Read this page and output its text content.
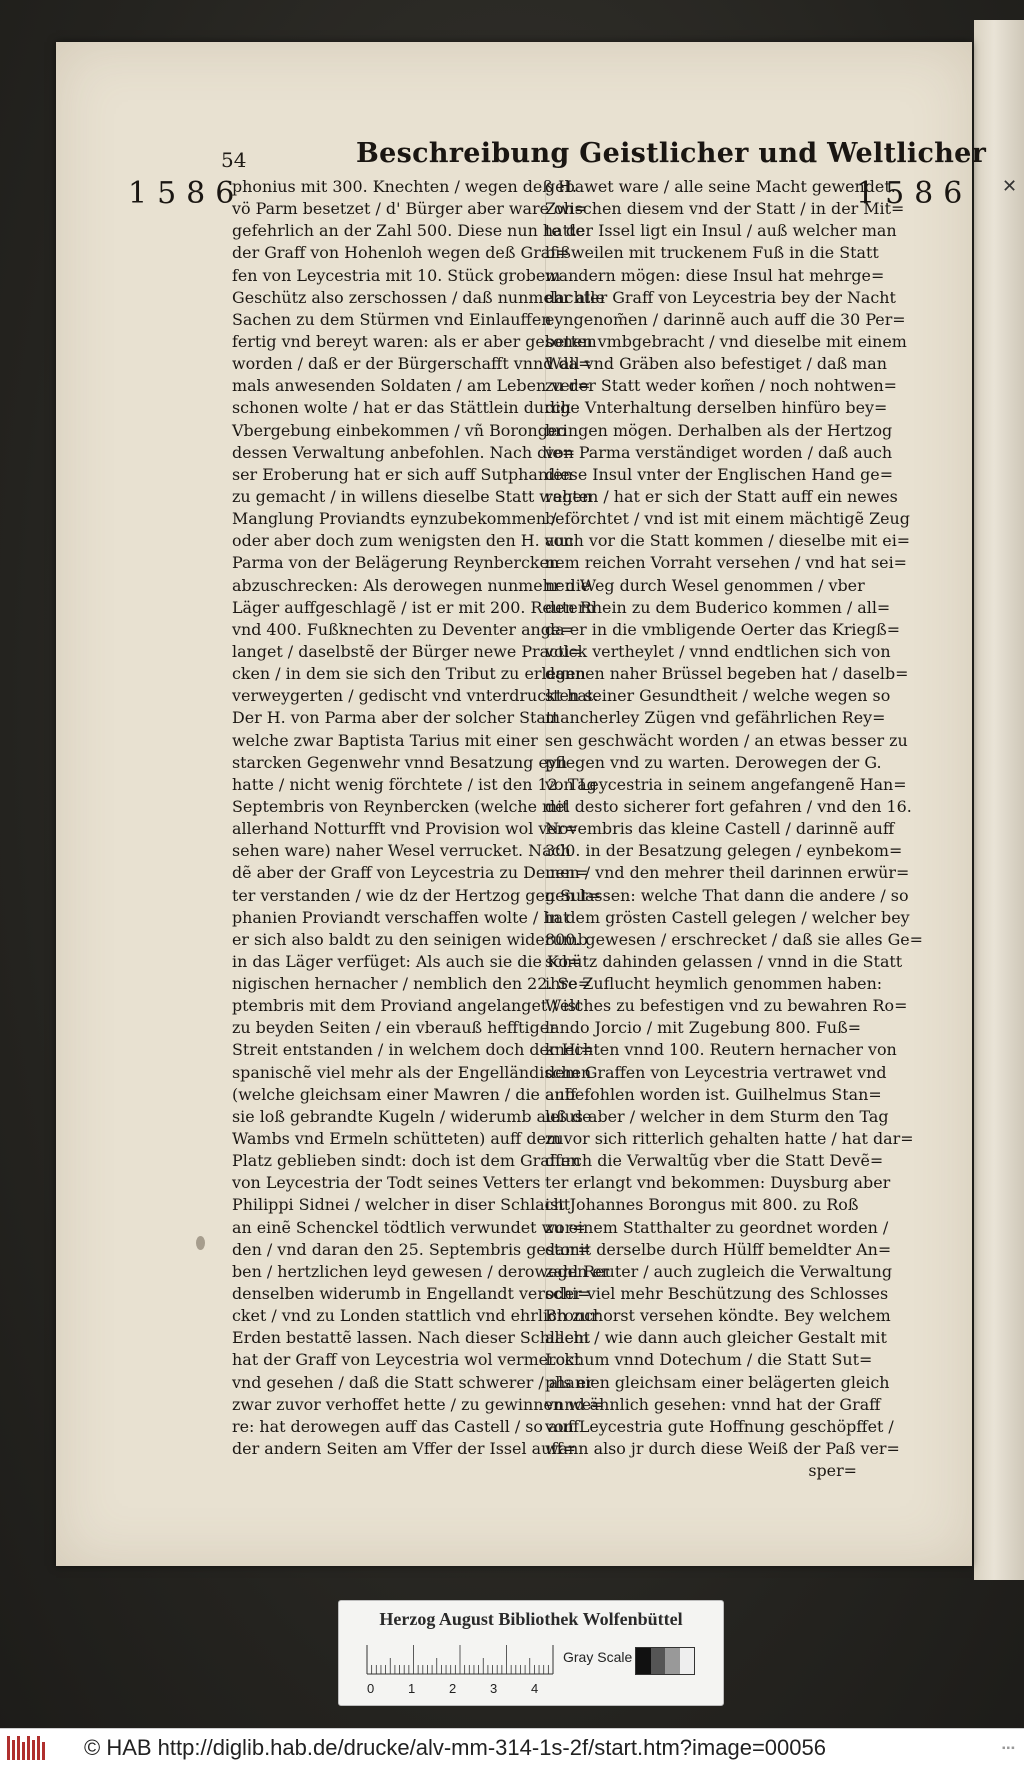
✕
54	Beschreibung Geistlicher und Weltlicher
1586	1586
phonius mit 300. Knechten / wegen deß H.
vö Parm besetzet / d' Bürger aber ware oh=
gefehrlich an der Zahl 500. Diese nun hatte
der Graff von Hohenloh wegen deß Graf=
fen von Leycestria mit 10. Stück grobem
Geschütz also zerschossen / daß nunmehr alle
Sachen zu dem Stürmen vnd Einlauffen
fertig vnd bereyt waren: als er aber gebetten
worden / daß er der Bürgerschafft vnnd da=
mals anwesenden Soldaten / am Leben ver=
schonen wolte / hat er das Stättlein durch
Vbergebung einbekommen / vñ Borongeo
dessen Verwaltung anbefohlen. Nach die=
ser Eroberung hat er sich auff Sutphanien
zu gemacht / in willens dieselbe Statt wegen
Manglung Proviandts eynzubekommen /
oder aber doch zum wenigsten den H. von
Parma von der Belägerung Reynbercken
abzuschrecken: Als derowegen nunmehr die
Läger auffgeschlagẽ / ist er mit 200. Reutern
vnd 400. Fußknechten zu Deventer ange=
langet / daselbstẽ der Bürger newe Practi=
cken / in dem sie sich den Tribut zu erlegen
verweygerten / gedischt vnd vnterdruckt hat.
Der H. von Parma aber der solcher Statt
welche zwar Baptista Tarius mit einer
starcken Gegenwehr vnnd Besatzung eyn
hatte / nicht wenig förchtete / ist den 12. Tag
Septembris von Reynbercken (welche mit
allerhand Notturfft vnd Provision wol ver=
sehen ware) naher Wesel verrucket. Nach
dẽ aber der Graff von Leycestria zu Deuen=
ter verstanden / wie dz der Hertzog gen Sut=
phanien Proviandt verschaffen wolte / hat
er sich also baldt zu den seinigen widerumb
in das Läger verfüget: Als auch sie die Ko=
nigischen hernacher / nemblich den 22. Se=
ptembris mit dem Proviand angelanget / ist
zu beyden Seiten / ein vberauß hefftiger
Streit entstanden / in welchem doch der Hi=
spanischẽ viel mehr als der Engelländischen
(welche gleichsam einer Mawren / die auff
sie loß gebrandte Kugeln / widerumb auß de
Wambs vnd Ermeln schütteten) auff dem
Platz geblieben sindt: doch ist dem Graffen
von Leycestria der Todt seines Vetters
Philippi Sidnei / welcher in diser Schlacht
an einẽ Schenckel tödtlich verwundet wor=
den / vnd daran den 25. Septembris gestor=
ben / hertzlichen leyd gewesen / derowegen er
denselben widerumb in Engellandt verschi=
cket / vnd zu Londen stattlich vnd ehrlich zur
Erden bestattẽ lassen. Nach dieser Schlacht
hat der Graff von Leycestria wol vermerckt
vnd gesehen / daß die Statt schwerer / als er
zwar zuvor verhoffet hette / zu gewinnen we=
re: hat derowegen auff das Castell / so auff
der andern Seiten am Vffer der Issel auff=
gebawet ware / alle seine Macht gewendet.
Zwischen diesem vnd der Statt / in der Mit=
te der Issel ligt ein Insul / auß welcher man
bißweilen mit truckenem Fuß in die Statt
wandern mögen: diese Insul hat mehrge=
dachter Graff von Leycestria bey der Nacht
eyngenom̃en / darinnẽ auch auff die 30 Per=
sonen vmbgebracht / vnd dieselbe mit einem
Wall vnd Gräben also befestiget / daß man
zu der Statt weder kom̃en / noch nohtwen=
dige Vnterhaltung derselben hinfüro bey=
bringen mögen. Derhalben als der Hertzog
von Parma verständiget worden / daß auch
diese Insul vnter der Englischen Hand ge=
rahten / hat er sich der Statt auff ein newes
beförchtet / vnd ist mit einem mächtigẽ Zeug
auch vor die Statt kommen / dieselbe mit ei=
nem reichen Vorraht versehen / vnd hat sei=
nen Weg durch Wesel genommen / vber
den Rhein zu dem Buderico kommen / all=
da er in die vmbligende Oerter das Kriegß=
volck vertheylet / vnnd endtlichen sich von
dannen naher Brüssel begeben hat / daselb=
sten seiner Gesundtheit / welche wegen so
mancherley Zügen vnd gefährlichen Rey=
sen geschwächt worden / an etwas besser zu
pflegen vnd zu warten. Derowegen der G.
von Leycestria in seinem angefangenẽ Han=
del desto sicherer fort gefahren / vnd den 16.
Novembris das kleine Castell / darinnẽ auff
300. in der Besatzung gelegen / eynbekom=
men / vnd den mehrer theil darinnen erwür=
gen lassen: welche That dann die andere / so
in dem grösten Castell gelegen / welcher bey
800. gewesen / erschrecket / daß sie alles Ge=
schütz dahinden gelassen / vnnd in die Statt
ihre Zuflucht heymlich genommen haben:
Welches zu befestigen vnd zu bewahren Ro=
lando Jorcio / mit Zugebung 800. Fuß=
knechten vnnd 100. Reutern hernacher von
dem Graffen von Leycestria vertrawet vnd
anbefohlen worden ist. Guilhelmus Stan=
leius aber / welcher in dem Sturm den Tag
zuvor sich ritterlich gehalten hatte / hat dar=
durch die Verwaltũg vber die Statt Devẽ=
ter erlangt vnd bekommen: Duysburg aber
ist Johannes Borongus mit 800. zu Roß
zu einem Statthalter zu geordnet worden /
damit derselbe durch Hülff bemeldter An=
zahl Reuter / auch zugleich die Verwaltung
oder viel mehr Beschützung des Schlosses
Bronchorst versehen köndte. Bey welchem
allem / wie dann auch gleicher Gestalt mit
Lochum vnnd Dotechum / die Statt Sut=
phanien gleichsam einer belägerten gleich
vnnd ähnlich gesehen: vnnd hat der Graff
von Leycestria gute Hoffnung geschöpffet /
wann also jr durch diese Weiß der Paß ver=
sper=
Herzog August Bibliothek Wolfenbüttel
0	1	2	3	4
Gray Scale
© HAB http://diglib.hab.de/drucke/alv-mm-314-1s-2f/start.htm?image=00056	▪▪▪
